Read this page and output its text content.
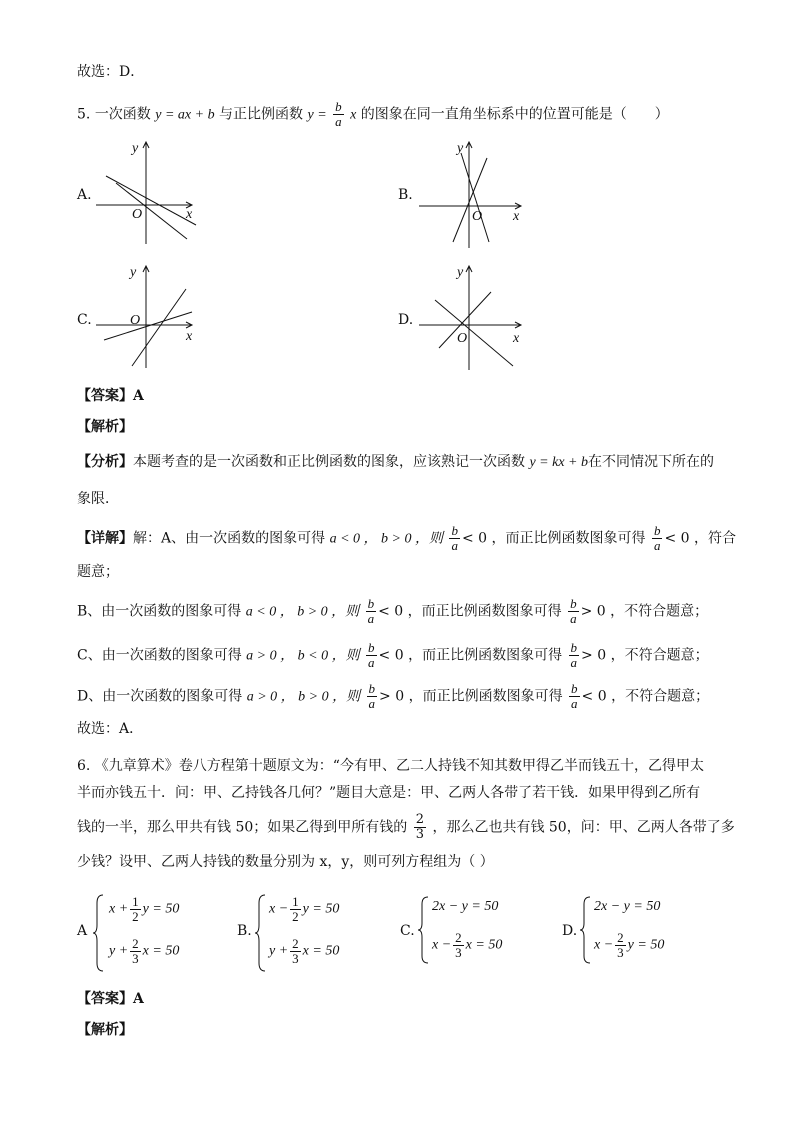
故选：D．
5. 一次函数 y = ax + b 与正比例函数 $y = \frac{b}{a}$ x 的图象在同一直角坐标系中的位置可能是（　　）
A.	B.
C.	D.
y
x
O
y
x
O
y
x
O
y
x
O
【答案】A
【解析】
【分析】本题考查的是一次函数和正比例函数的图象，应该熟记一次函数 y = kx + b在不同情况下所在的
象限．
【详解】解：A、由一次函数的图象可得 a < 0 ， b > 0 ，则 $\frac{b}{a} < 0$ ，而正比例函数图象可得 $\frac{b}{a} < 0$ ，符合
题意；
B、由一次函数的图象可得 a < 0 ， b > 0 ，则 $\frac{b}{a} < 0$ ，而正比例函数图象可得 $\frac{b}{a} > 0$ ，不符合题意；
C、由一次函数的图象可得 a > 0 ， b < 0 ，则 $\frac{b}{a} < 0$ ，而正比例函数图象可得 $\frac{b}{a} > 0$ ，不符合题意；
D、由一次函数的图象可得 a > 0 ， b > 0 ，则 $\frac{b}{a} > 0$ ，而正比例函数图象可得 $\frac{b}{a} < 0$ ，不符合题意；
故选：A．
6. 《九章算术》卷八方程第十题原文为：“今有甲、乙二人持钱不知其数甲得乙半而钱五十，乙得甲太
半而亦钱五十．问：甲、乙持钱各几何？”题目大意是：甲、乙两人各带了若干钱．如果甲得到乙所有
钱的一半，那么甲共有钱 50；如果乙得到甲所有钱的 $\frac{2}{3}$ ，那么乙也共有钱 50，问：甲、乙两人各带了多
少钱？设甲、乙两人持钱的数量分别为 x，y，则可列方程组为（ ）
A
$x + \frac{1}{2}$ y = 50
$y + \frac{2}{3}$ x = 50
B.
$x - \frac{1}{2}$ y = 50
$y + \frac{2}{3}$ x = 50
C.
2x − y = 50
$x - \frac{2}{3}$ x = 50
D.
2x − y = 50
$x - \frac{2}{3}$ y = 50
【答案】A
【解析】
